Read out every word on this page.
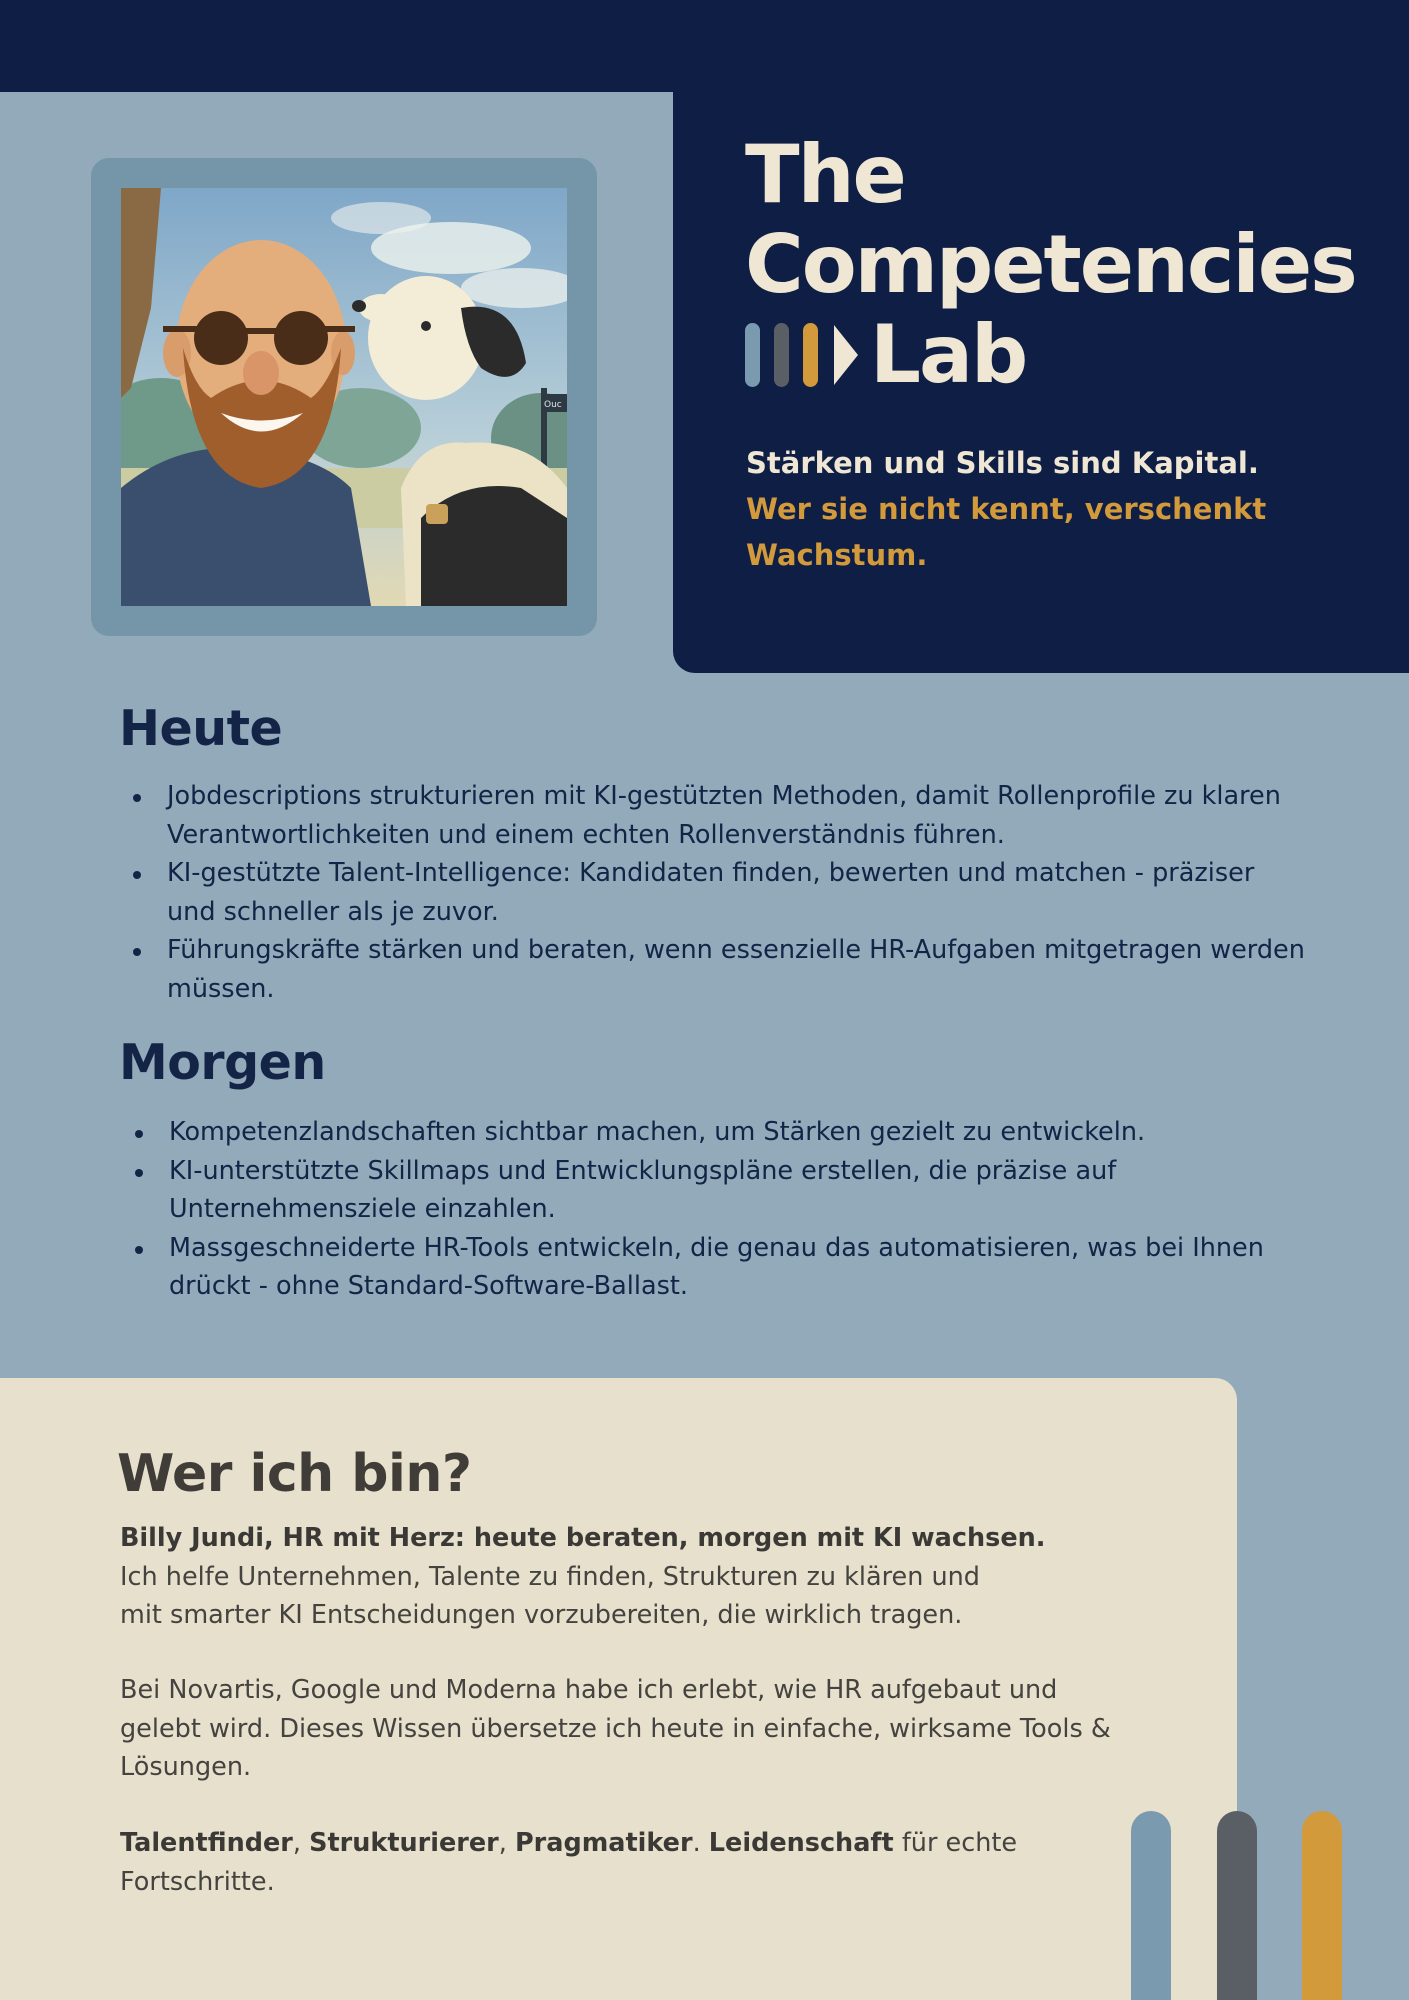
Ouc
The
Competencies
Lab
Stärken und Skills sind Kapital.
Wer sie nicht kennt, verschenkt Wachstum.
Heute
Jobdescriptions strukturieren mit KI-gestützten Methoden, damit Rollenprofile zu klaren Verantwortlichkeiten und einem echten Rollenverständnis führen.
KI-gestützte Talent-Intelligence: Kandidaten finden, bewerten und matchen - präziser und schneller als je zuvor.
Führungskräfte stärken und beraten, wenn essenzielle HR-Aufgaben mitgetragen werden müssen.
Morgen
Kompetenzlandschaften sichtbar machen, um Stärken gezielt zu entwickeln.
KI-unterstützte Skillmaps und Entwicklungspläne erstellen, die präzise auf Unternehmensziele einzahlen.
Massgeschneiderte HR-Tools entwickeln, die genau das automatisieren, was bei Ihnen drückt - ohne Standard-Software-Ballast.
Wer ich bin?
Billy Jundi, HR mit Herz: heute beraten, morgen mit KI wachsen.
Ich helfe Unternehmen, Talente zu finden, Strukturen zu klären und mit smarter KI Entscheidungen vorzubereiten, die wirklich tragen.
Bei Novartis, Google und Moderna habe ich erlebt, wie HR aufgebaut und gelebt wird. Dieses Wissen übersetze ich heute in einfache, wirksame Tools & Lösungen.
Talentfinder, Strukturierer, Pragmatiker. Leidenschaft für echte Fortschritte.
